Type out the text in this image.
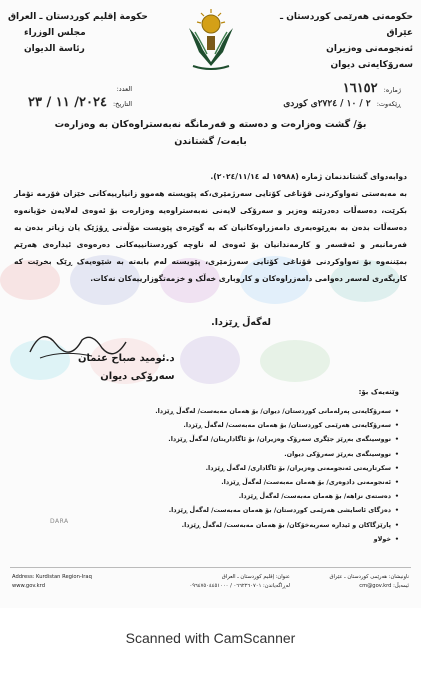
حکومەتی هەرێمی کوردستان ـ عێراق
ئەنجومەنی وەزیران
سەرۆکایەتی دیوان
حكومة إقليم كوردستان ـ العراق
مجلس الوزراء
رئاسة الديوان
ژمارە:
١٦١٥٢
ڕێکەوت:
٢ / ١٠ / ٢٧٢٤ی کوردی
العدد:
التاريخ:
٢٠٢٤/ ١١ / ٢٣
بۆ/ گشت وەزارەت و دەستە و فەرمانگە نەبەستراوەکان بە وەزارەت
بابەت/ گشتاندن

دوابەدوای گشتاندنمان ژمارە (١٥٩٨٨ لە ٢٠٢٤/١١/١٤).

بە مەبەستی تەواوکردنی قۆناغی کۆتایی سەرژمێری،کە پێویستە هەموو زانیارییەکانی خێزان فۆرمە تۆمار بکرێت، دەسەڵات دەدرێتە وەزیر و سەرۆکی لایەنی نەبەستراوەیە وەزارەت بۆ ئەوەی لەلایەن خۆیانەوە دەسەڵات بدەن بە بەڕێوەبەری دامەزراوەکانیان کە بە گوێرەی پێویست مۆڵەتی ڕۆژێک یان زیاتر بدەن بە فەرمانبەر و ئەفسەر و کارمەندانیان بۆ ئەوەی لە ناوچە کوردستانییەکانی دەرەوەی ئیدارەی هەرێم بمێننەوە بۆ تەواوکردنی قۆناغی کۆتایی سەرژمێری، پێویستە لەم بابەتە بە شێوەیەک ڕێک بخرێت کە کاریگەری لەسەر دەوامی دامەزراوەکان و کاروباری خەڵک و خزمەتگوزارییەکان نەکات.

لەگەڵ ڕێزدا.
د.ئومید صباح عثمان
سەرۆکی دیوان
وێنەیەک بۆ:
• سەرۆکایەتی پەرلەمانی کوردستان/ دیوان/ بۆ هەمان مەبەست/ لەگەڵ ڕێزدا.
• سەرۆکایەتی هەرێمی کوردستان/ بۆ هەمان مەبەست/ لەگەڵ ڕێزدا.
• نووسینگەی بەڕێز جێگری سەرۆک وەزیران/ بۆ ئاگاداریتان/ لەگەڵ ڕێزدا.
• نووسینگەی بەڕێز سەرۆکی دیوان.
• سکرتاریەتی ئەنجومەنی وەزیران/ بۆ ئاگاداری/ لەگەڵ ڕێزدا.
• ئەنجومەنی دادوەری/ بۆ هەمان مەبەست/ لەگەڵ ڕێزدا.
• دەستەی نزاهە/ بۆ هەمان مەبەست/ لەگەڵ ڕێزدا.
• دەزگای ئاسایشی هەرێمی کوردستان/ بۆ هەمان مەبەست/ لەگەڵ ڕێزدا.
• پارێزگاکان و ئیدارە سەربەخۆکان/ بۆ هەمان مەبەست/ لەگەڵ ڕێزدا.
• خولاو
DARA
Address: Kurdistan Region-Iraq
www.gov.krd
عنوان: إقليم كوردستان ـ العراق
لەڕاگەیاندن: ٠٦٦٢٢٦٠٧٠١ / ٠٩٦٤٧٥٠٤٤٥١٠٠٠
ناونیشان: هەرێمی کوردستان ـ عێراق
ئیمەیڵ: cm@gov.krd
Scanned with CamScanner
